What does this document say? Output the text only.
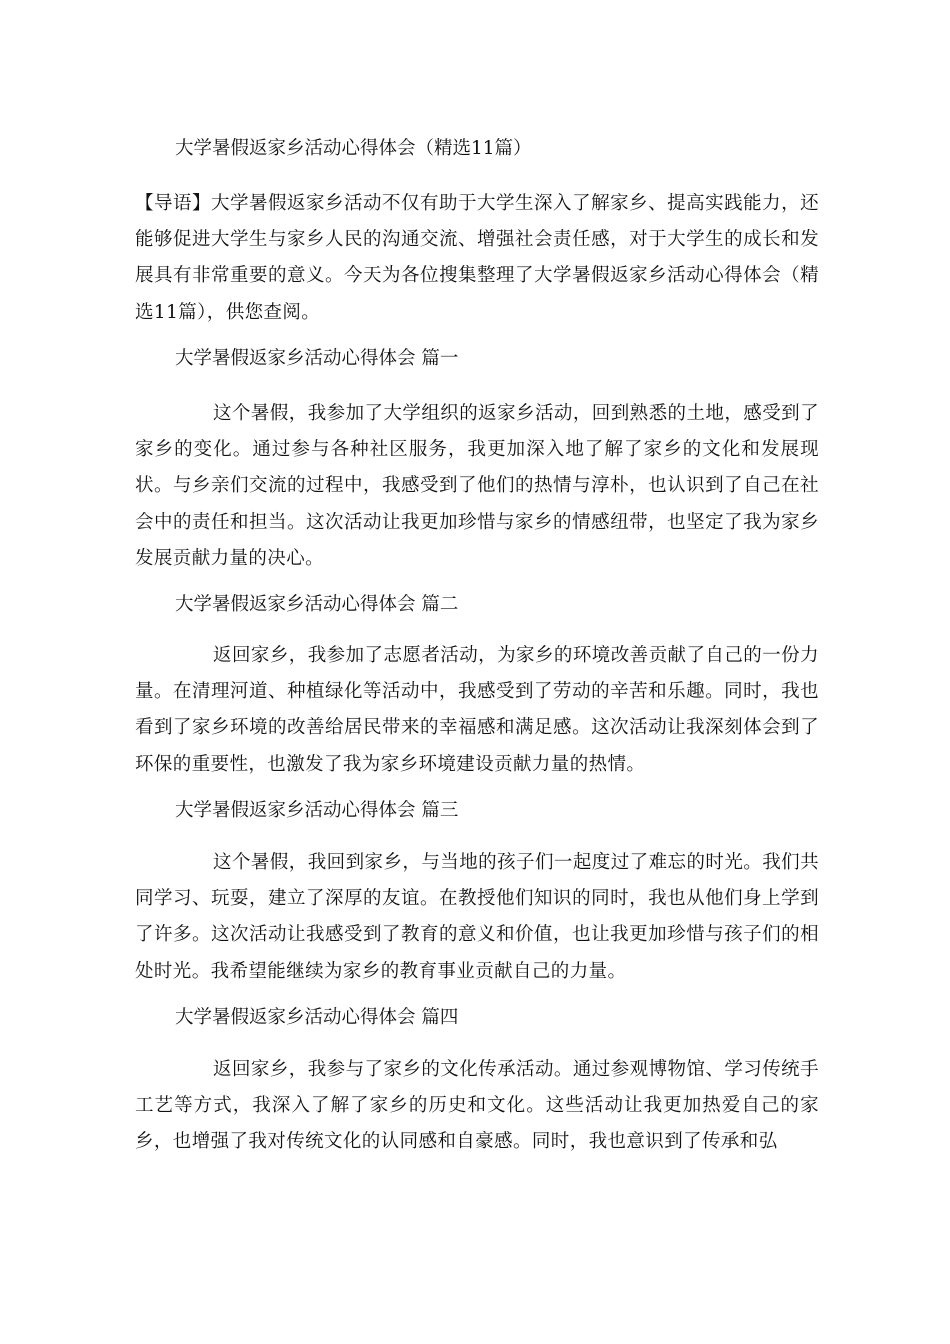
大学暑假返家乡活动心得体会（精选11篇）

【导语】大学暑假返家乡活动不仅有助于大学生深入了解家乡、提高实践能力，还能够促进大学生与家乡人民的沟通交流、增强社会责任感，对于大学生的成长和发展具有非常重要的意义。今天为各位搜集整理了大学暑假返家乡活动心得体会（精选11篇），供您查阅。

大学暑假返家乡活动心得体会 篇一

这个暑假，我参加了大学组织的返家乡活动，回到熟悉的土地，感受到了家乡的变化。通过参与各种社区服务，我更加深入地了解了家乡的文化和发展现状。与乡亲们交流的过程中，我感受到了他们的热情与淳朴，也认识到了自己在社会中的责任和担当。这次活动让我更加珍惜与家乡的情感纽带，也坚定了我为家乡发展贡献力量的决心。

大学暑假返家乡活动心得体会 篇二

返回家乡，我参加了志愿者活动，为家乡的环境改善贡献了自己的一份力量。在清理河道、种植绿化等活动中，我感受到了劳动的辛苦和乐趣。同时，我也看到了家乡环境的改善给居民带来的幸福感和满足感。这次活动让我深刻体会到了环保的重要性，也激发了我为家乡环境建设贡献力量的热情。

大学暑假返家乡活动心得体会 篇三

这个暑假，我回到家乡，与当地的孩子们一起度过了难忘的时光。我们共同学习、玩耍，建立了深厚的友谊。在教授他们知识的同时，我也从他们身上学到了许多。这次活动让我感受到了教育的意义和价值，也让我更加珍惜与孩子们的相处时光。我希望能继续为家乡的教育事业贡献自己的力量。

大学暑假返家乡活动心得体会 篇四

返回家乡，我参与了家乡的文化传承活动。通过参观博物馆、学习传统手工艺等方式，我深入了解了家乡的历史和文化。这些活动让我更加热爱自己的家乡，也增强了我对传统文化的认同感和自豪感。同时，我也意识到了传承和弘
